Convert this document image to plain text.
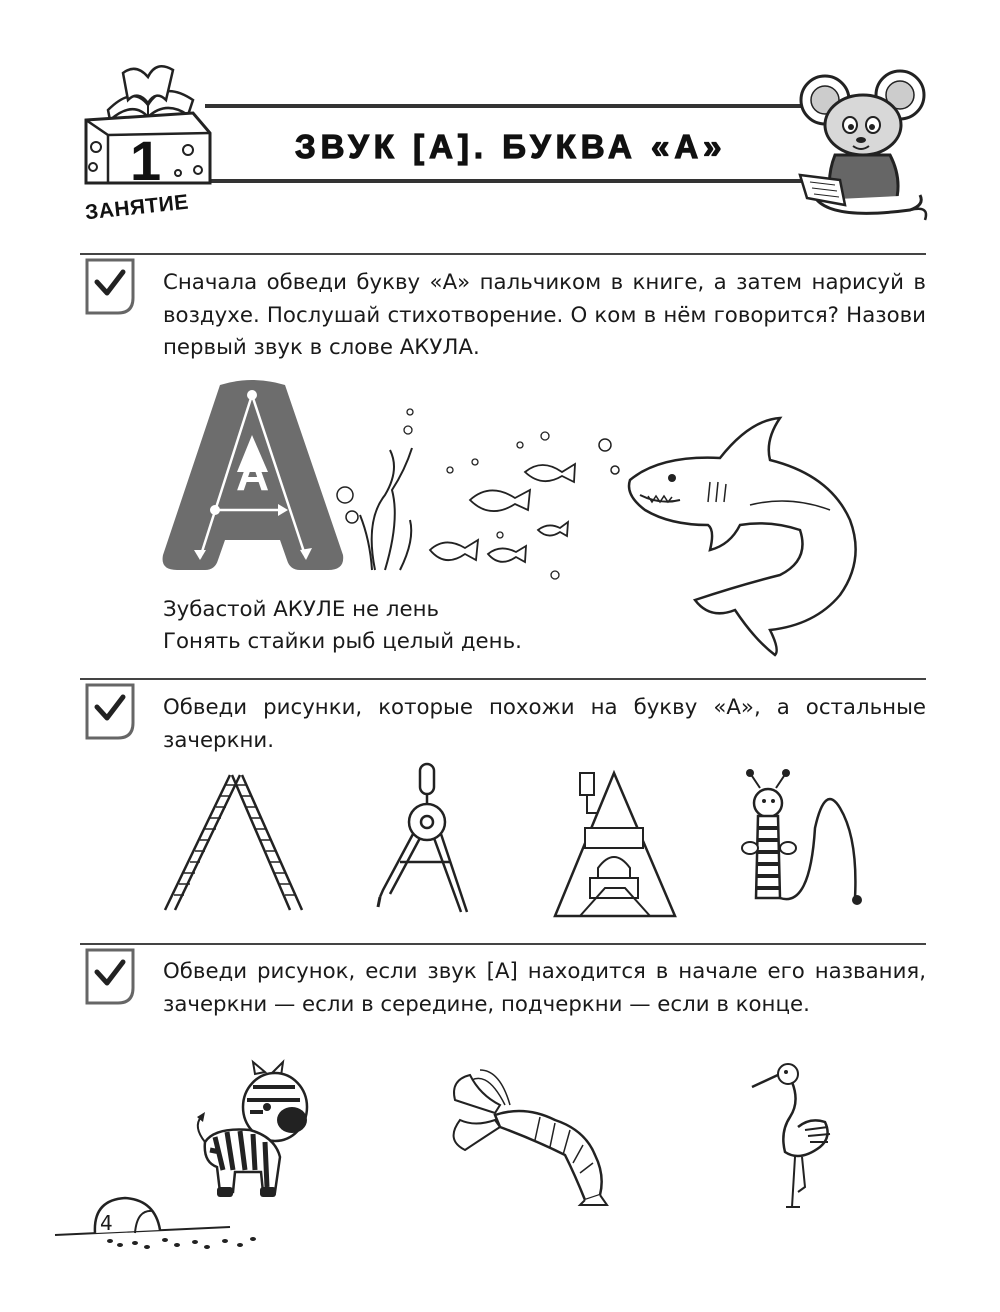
1
ЗАНЯТИЕ
ЗВУК [А]. БУКВА «А»

Сначала обведи букву «А» пальчиком в книге, а затем нарисуй в воздухе. Послушай стихотворение. О ком в нём говорится? Назови первый звук в слове АКУЛА.

А
Зубастой АКУЛЕ не лень
Гонять стайки рыб целый день.

Обведи рисунки, которые похожи на букву «А», а остальные зачеркни.

Обведи рисунок, если звук [А] находится в начале его названия, зачеркни — если в середине, подчеркни — если в конце.

4
